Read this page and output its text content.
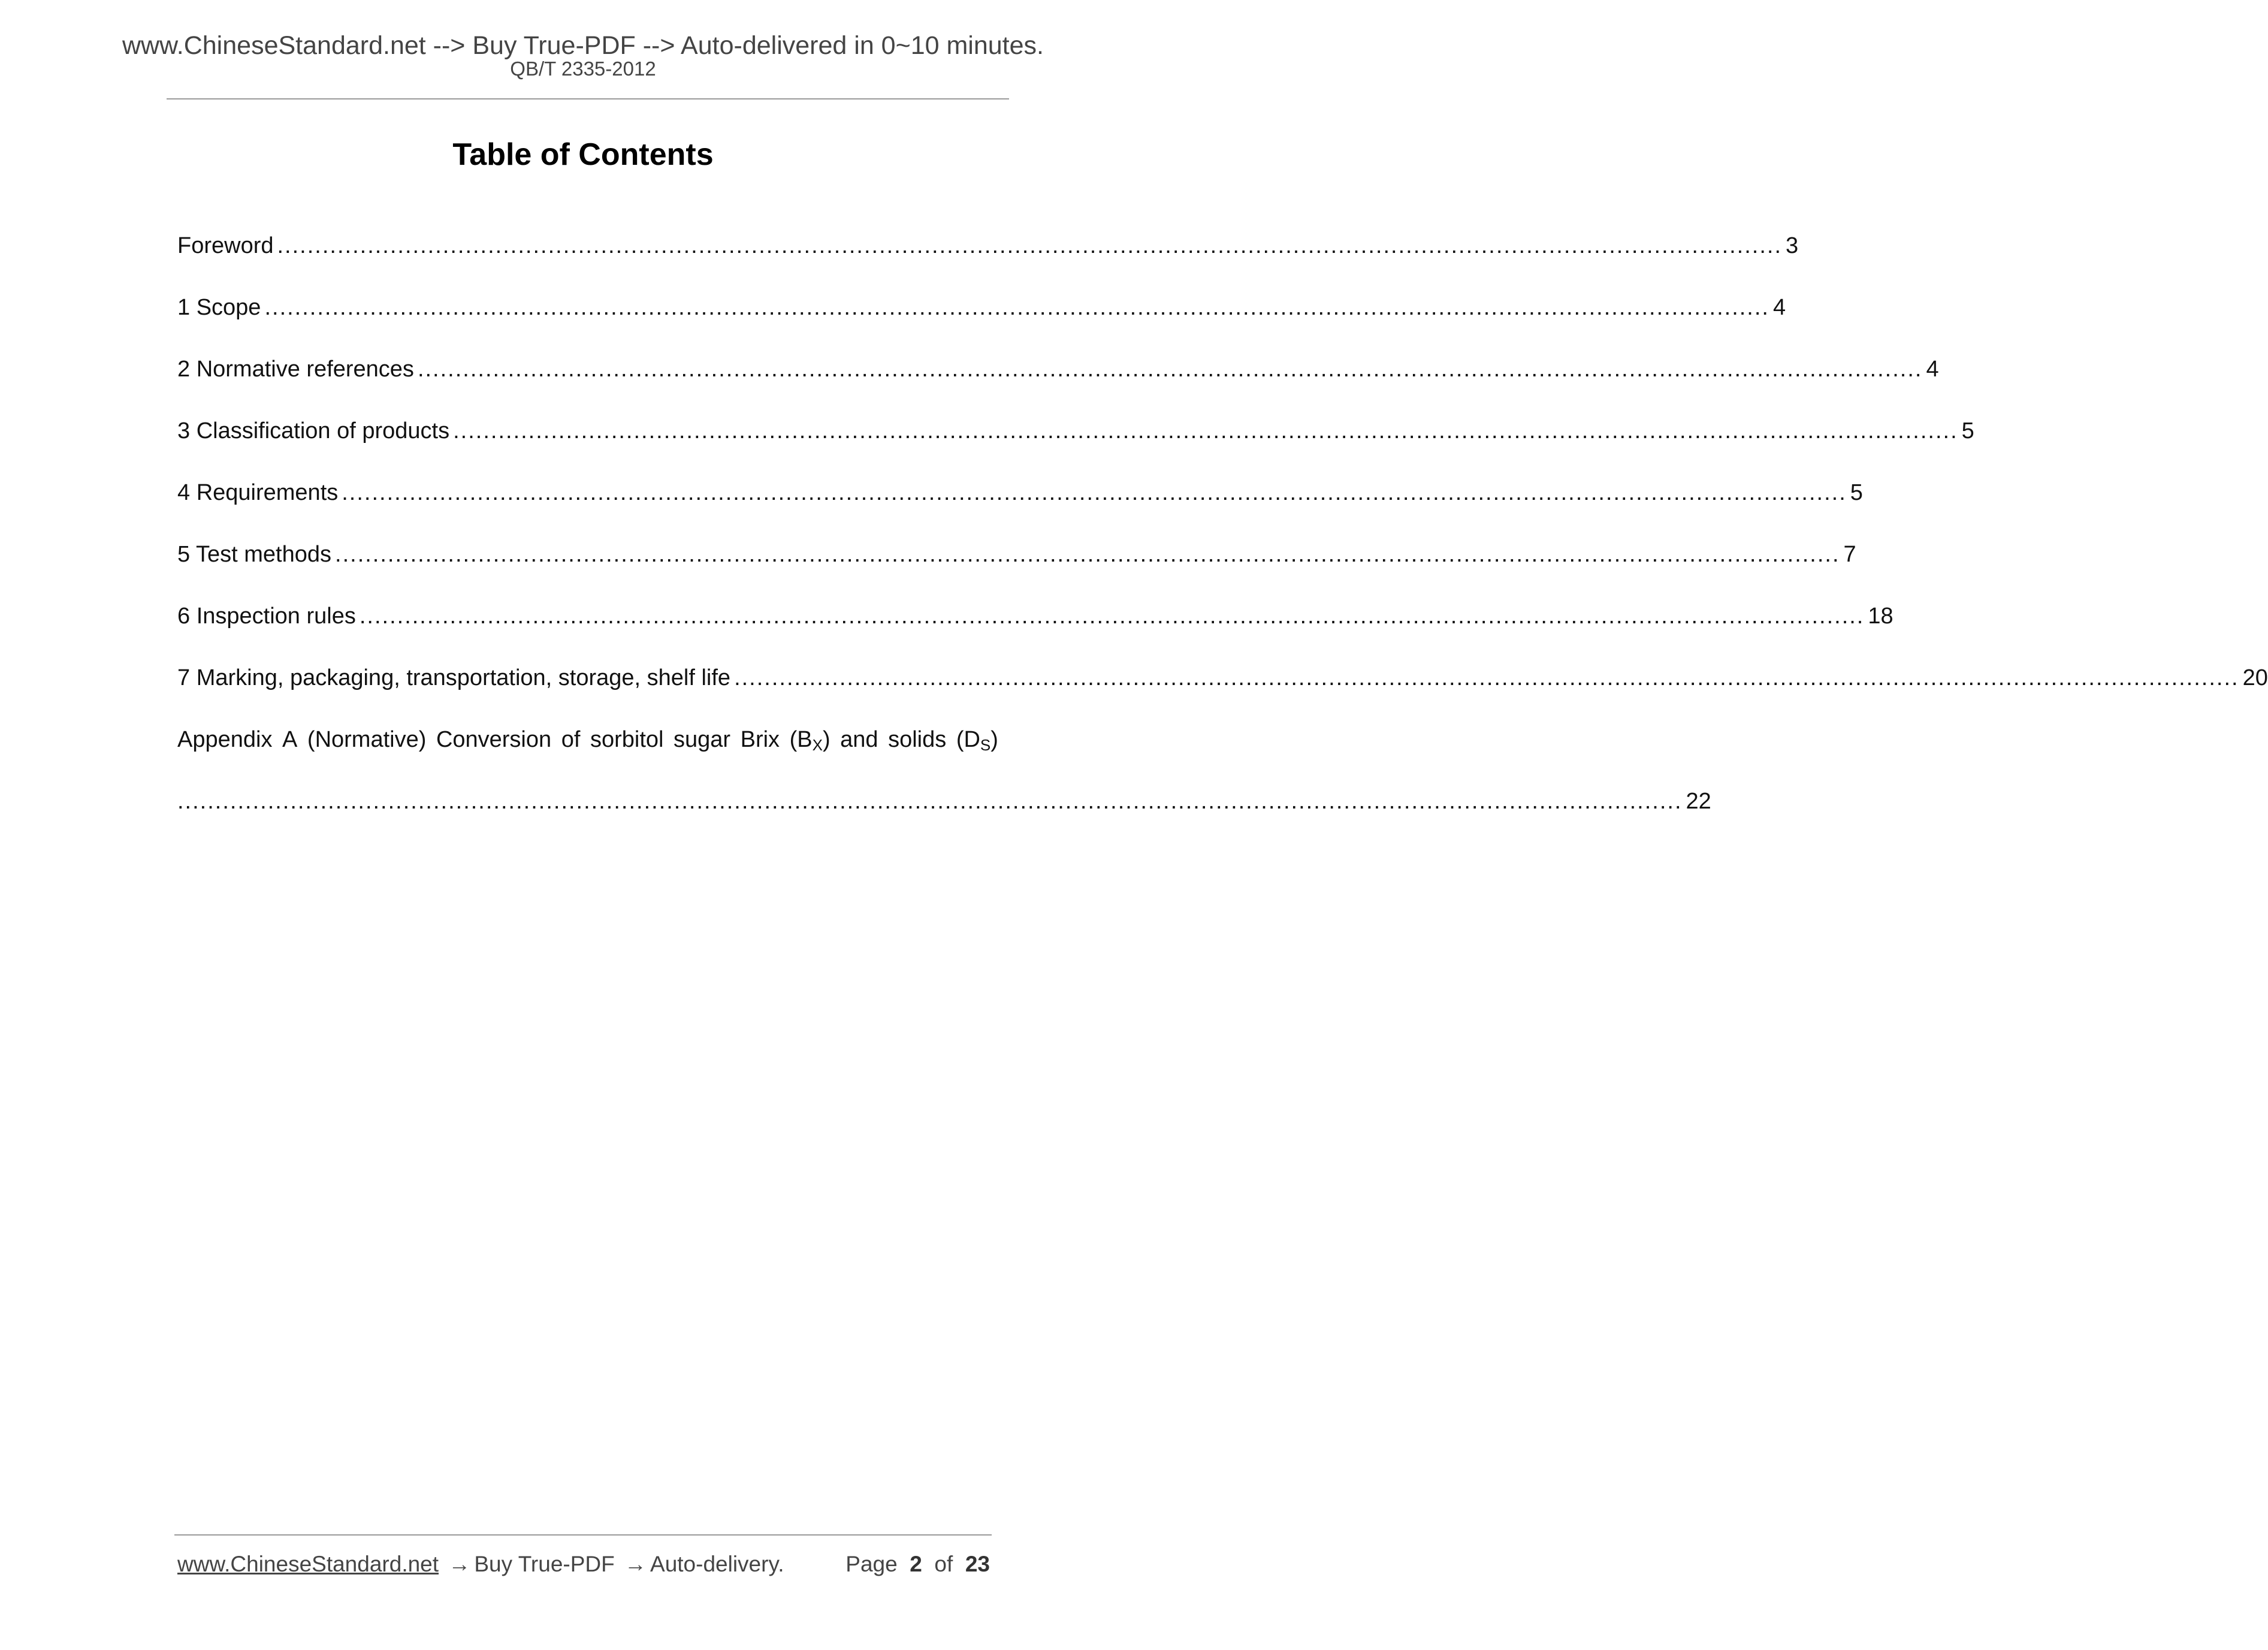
www.ChineseStandard.net --> Buy True-PDF --> Auto-delivered in 0~10 minutes.
QB/T 2335-2012
Table of Contents
Foreword ........................................................................................................................................................................................................ 3
1 Scope ........................................................................................................................................................................................................ 4
2 Normative references ........................................................................................................................................................................................................ 4
3 Classification of products ........................................................................................................................................................................................................ 5
4 Requirements ........................................................................................................................................................................................................ 5
5 Test methods ........................................................................................................................................................................................................ 7
6 Inspection rules ........................................................................................................................................................................................................ 18
7 Marking, packaging, transportation, storage, shelf life ........................................................................................................................................................................................................ 20
Appendix A (Normative) Conversion of sorbitol sugar Brix $(B_X)$ and solids $(D_S)$
........................................................................................................................................................................................................ 22
www.ChineseStandard.net → Buy True-PDF → Auto-delivery.	Page 2 of 23
